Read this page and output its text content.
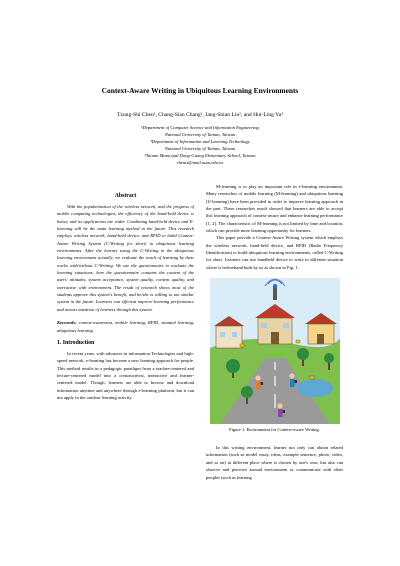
Context-Aware Writing in Ubiquitous Learning Environments
Tzung-Shi Chen¹, Chang-Sian Chang², Jang-Shian Lin², and Hui-Ling Yu³
¹Department of Computer Science and Information Engineering
National University of Tainan, Taiwan
²Department of Information and Learning Technology
National University of Tainan, Taiwan
³Tainan Municipal Dong-Guang Elementary School, Taiwan
chents@mail.nutn.edu.tw
Abstract

With the popularization of the wireless network, and the progress of mobile computing technologies, the efficiency of the hand-held device is better, and its applications are wider. Combining hand-held device and E-learning will be the main learning method in the future. This research employs wireless network, hand-held device, and RFID to build Context-Aware Writing System (C-Writing for short) in ubiquitous learning environments. After the learner using the C-Writing in the ubiquitous learning environment actually, we evaluate the result of learning by their works with/without C-Writing. We use the questionnaire to evaluate the learning situations; here the questionnaire contains the content of the users' attitudes, system acceptance, system quality, content quality, and interactive with environment. The result of research shows most of the students approve this system's benefit, and he/she is willing to use similar system in the future. Learners can efficient improve learning performance and attract attention of learners through this system.

Keywords: context-awareness, mobile learning, RFID, situated learning, ubiquitous learning.

1. Introduction

In recent years, with advances in information Technologies and high-speed network, e-learning has become a new learning approach for people. This method results in a pedagogic paradigm from a teacher-centered and lecture-centered model into a constructivist, interactive and learner-centered model. Though, learners are able to browse and download information anytime and anywhere through e-learning platform, but it can not apply in the outdoor learning activity.

M-learning is to play an important role in e-learning environment. Many researches of mobile learning (M-learning) and ubiquitous learning (U-learning) have been provided in order to improve learning approach in the past. These researches result showed that learners are able to accept this learning approach of context-aware and enhance learning performance [1, 2]. The characteristic of M-learning is not limited by time and location, which can provide more learning opportunity for learners.

This paper provide a Context-Aware Writing system which employs the wireless network, hand-held device, and RFID (Radio Frequency Identification) to build ubiquitous learning environments, called C-Writing for short. Learners can use handheld device to write in different situation where is beforehand built by us as shown in Fig. 1.

Figure 1. Environment for Context-aware Writing.

In this writing environment, learner not only can obtain related information (such as model essay, ideas, example sentence, photo, video, and so on) in different place where is chosen by one's own, but also can observe and perceive around environment or communicate with other peoples (such as learning
